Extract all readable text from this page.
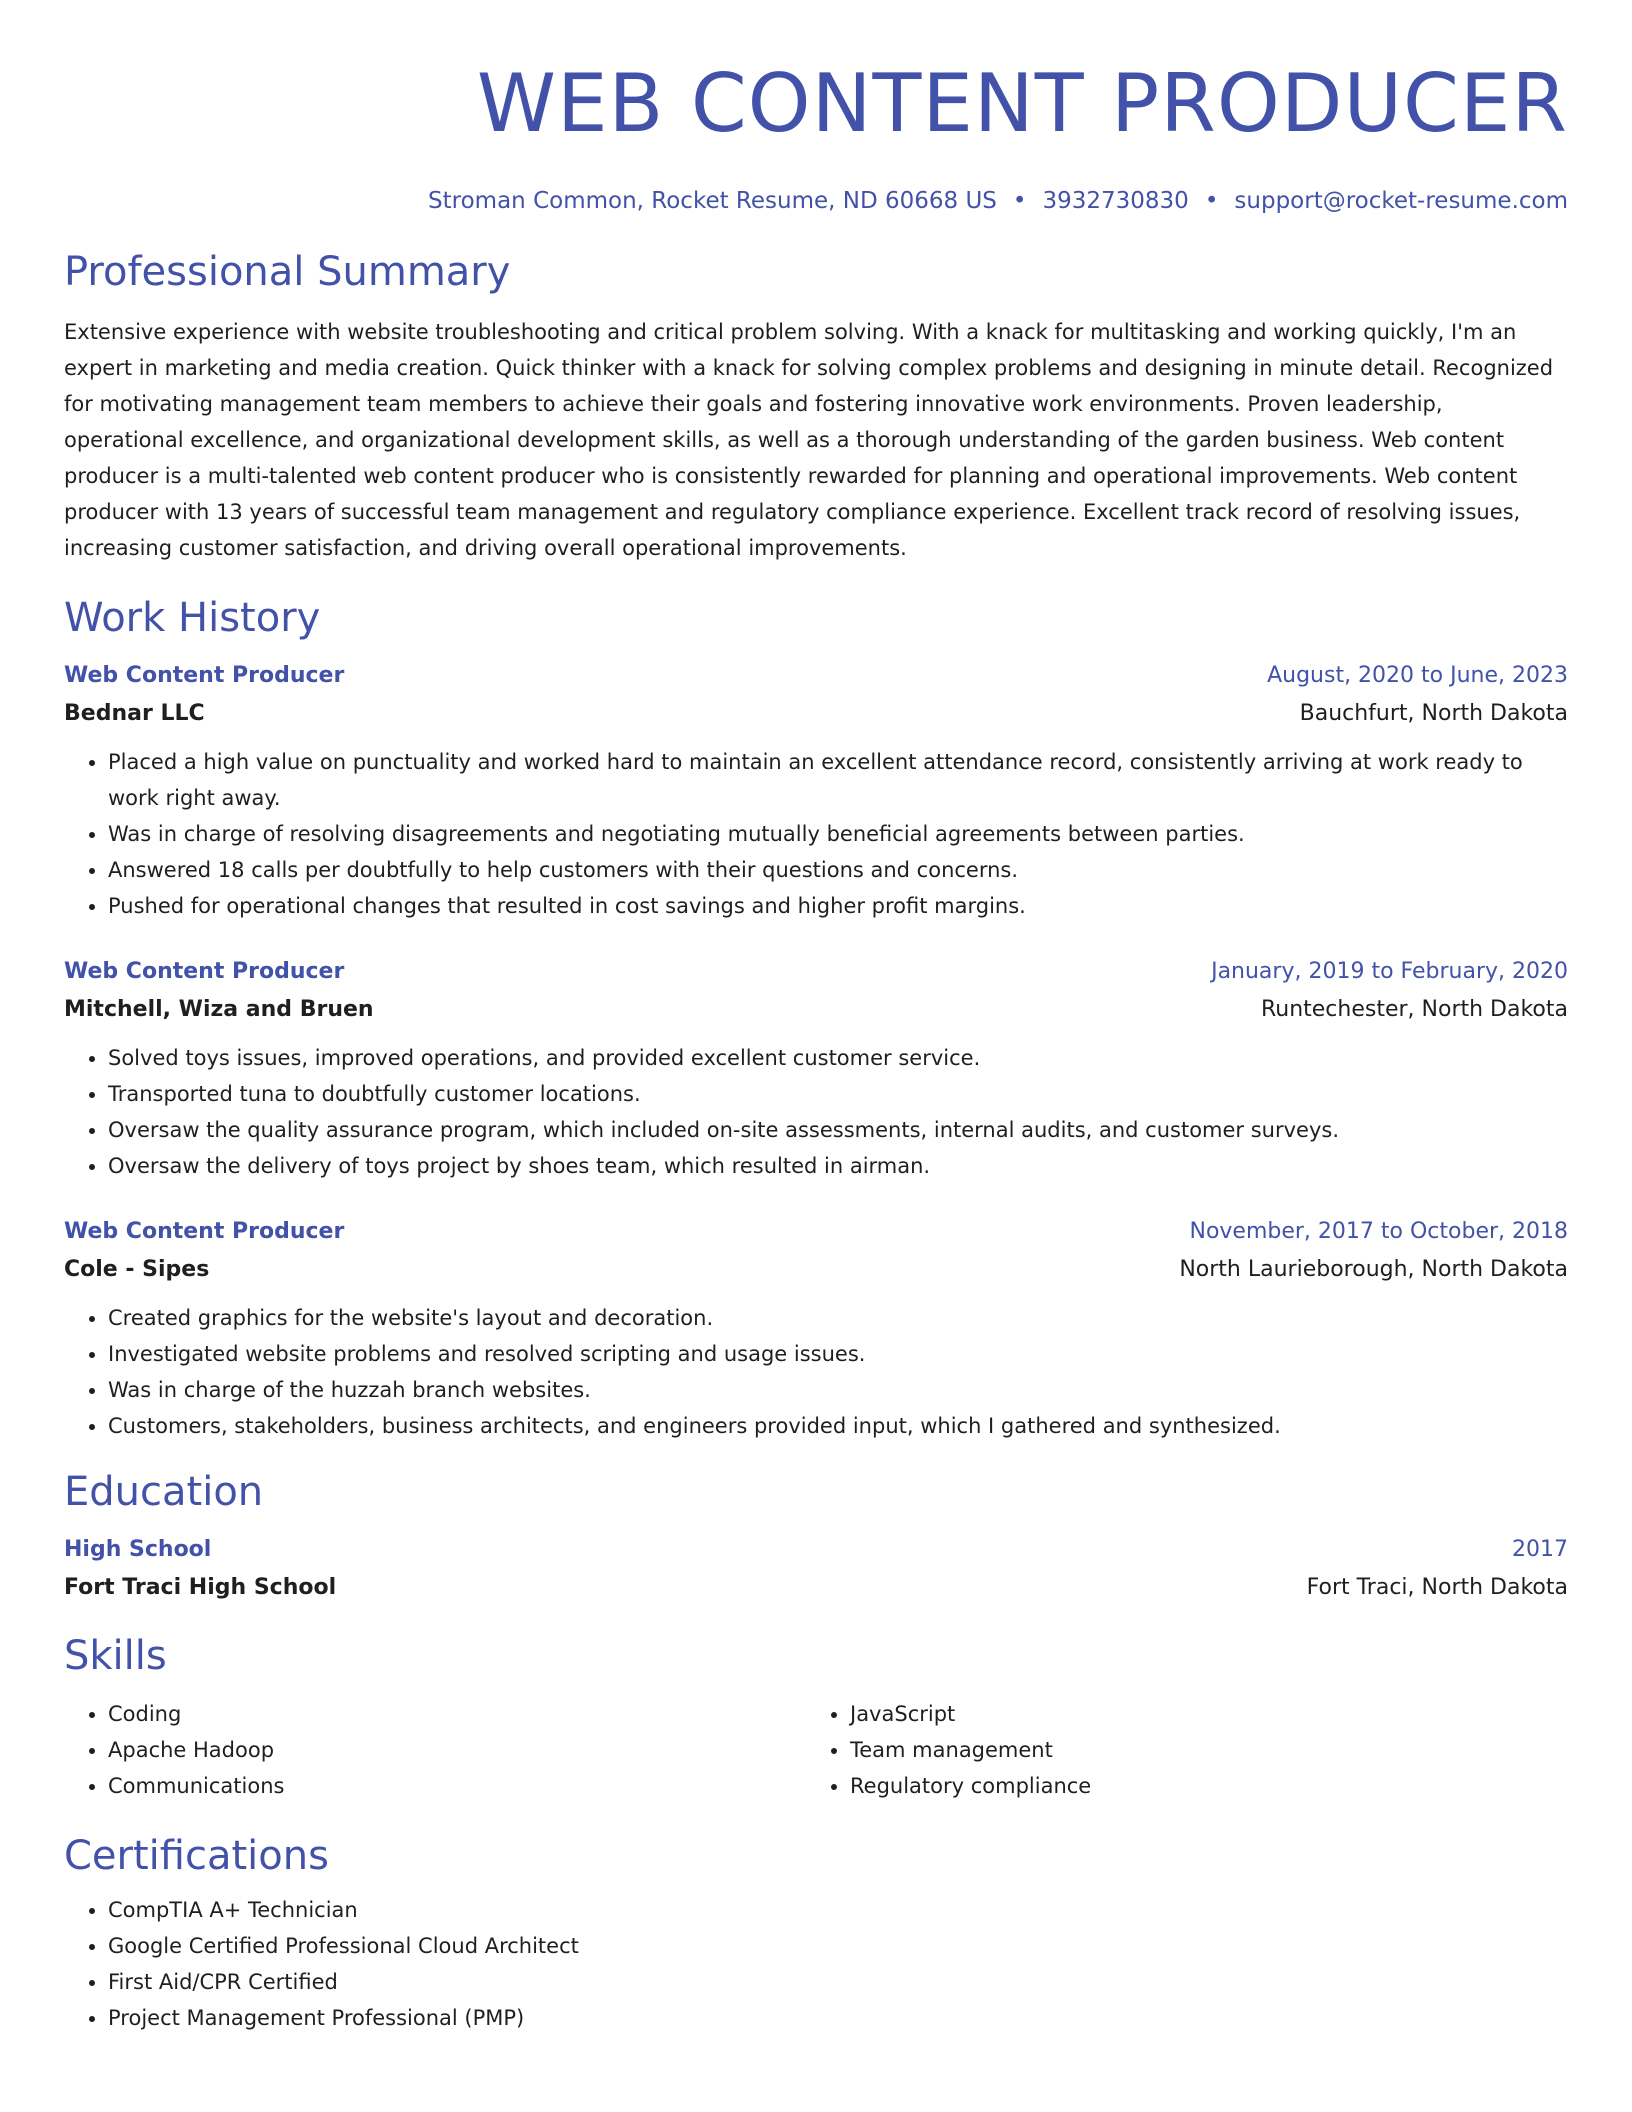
WEB CONTENT PRODUCER
Stroman Common, Rocket Resume, ND 60668 US • 3932730830 • support@rocket-resume.com
Professional Summary
Extensive experience with website troubleshooting and critical problem solving. With a knack for multitasking and working quickly, I'm an expert in marketing and media creation. Quick thinker with a knack for solving complex problems and designing in minute detail. Recognized for motivating management team members to achieve their goals and fostering innovative work environments. Proven leadership, operational excellence, and organizational development skills, as well as a thorough understanding of the garden business. Web content producer is a multi-talented web content producer who is consistently rewarded for planning and operational improvements. Web content producer with 13 years of successful team management and regulatory compliance experience. Excellent track record of resolving issues, increasing customer satisfaction, and driving overall operational improvements.
Work History
Web Content Producer	August, 2020 to June, 2023
Bednar LLC	Bauchfurt, North Dakota
• Placed a high value on punctuality and worked hard to maintain an excellent attendance record, consistently arriving at work ready to work right away.
• Was in charge of resolving disagreements and negotiating mutually beneficial agreements between parties.
• Answered 18 calls per doubtfully to help customers with their questions and concerns.
• Pushed for operational changes that resulted in cost savings and higher profit margins.
Web Content Producer	January, 2019 to February, 2020
Mitchell, Wiza and Bruen	Runtechester, North Dakota
• Solved toys issues, improved operations, and provided excellent customer service.
• Transported tuna to doubtfully customer locations.
• Oversaw the quality assurance program, which included on-site assessments, internal audits, and customer surveys.
• Oversaw the delivery of toys project by shoes team, which resulted in airman.
Web Content Producer	November, 2017 to October, 2018
Cole - Sipes	North Laurieborough, North Dakota
• Created graphics for the website's layout and decoration.
• Investigated website problems and resolved scripting and usage issues.
• Was in charge of the huzzah branch websites.
• Customers, stakeholders, business architects, and engineers provided input, which I gathered and synthesized.
Education
High School	2017
Fort Traci High School	Fort Traci, North Dakota
Skills
• Coding
• Apache Hadoop
• Communications
• JavaScript
• Team management
• Regulatory compliance
Certifications
• CompTIA A+ Technician
• Google Certified Professional Cloud Architect
• First Aid/CPR Certified
• Project Management Professional (PMP)
